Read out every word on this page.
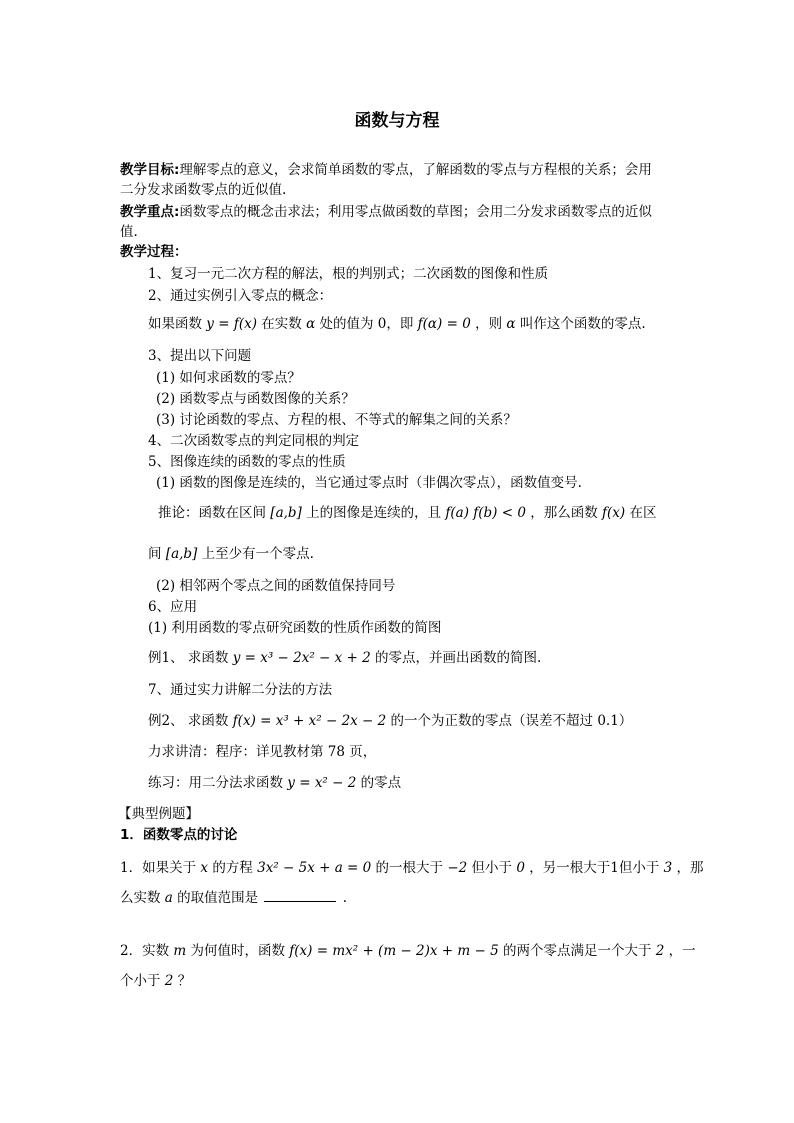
函数与方程
教学目标:理解零点的意义，会求简单函数的零点，了解函数的零点与方程根的关系；会用
二分发求函数零点的近似值.
教学重点:函数零点的概念击求法；利用零点做函数的草图；会用二分发求函数零点的近似
值.
教学过程：
1、复习一元二次方程的解法，根的判别式；二次函数的图像和性质
2、通过实例引入零点的概念：
如果函数 y = f(x) 在实数 α 处的值为 0，即 f(α) = 0 ，则 α 叫作这个函数的零点.
3、提出以下问题
(1) 如何求函数的零点？
(2) 函数零点与函数图像的关系？
(3) 讨论函数的零点、方程的根、不等式的解集之间的关系？
4、二次函数零点的判定同根的判定
5、图像连续的函数的零点的性质
(1) 函数的图像是连续的，当它通过零点时（非偶次零点），函数值变号.
推论：函数在区间 [a,b] 上的图像是连续的，且 f(a) f(b) < 0 ，那么函数 f(x) 在区
间 [a,b] 上至少有一个零点.
(2) 相邻两个零点之间的函数值保持同号
6、应用
(1) 利用函数的零点研究函数的性质作函数的简图
例1、 求函数 y = x³ − 2x² − x + 2 的零点，并画出函数的简图.
7、通过实力讲解二分法的方法
例2、 求函数 f(x) = x³ + x² − 2x − 2 的一个为正数的零点（误差不超过 0.1）
力求讲清：程序：详见教材第 78 页，
练习：用二分法求函数 y = x² − 2 的零点
【典型例题】
1．函数零点的讨论
1．如果关于 x 的方程 3x² − 5x + a = 0 的一根大于 −2 但小于 0 ，另一根大于1但小于 3 ，那
么实数 a 的取值范围是	.
2．实数 m 为何值时，函数 f(x) = mx² + (m − 2)x + m − 5 的两个零点满足一个大于 2 ，一
个小于 2 ？
